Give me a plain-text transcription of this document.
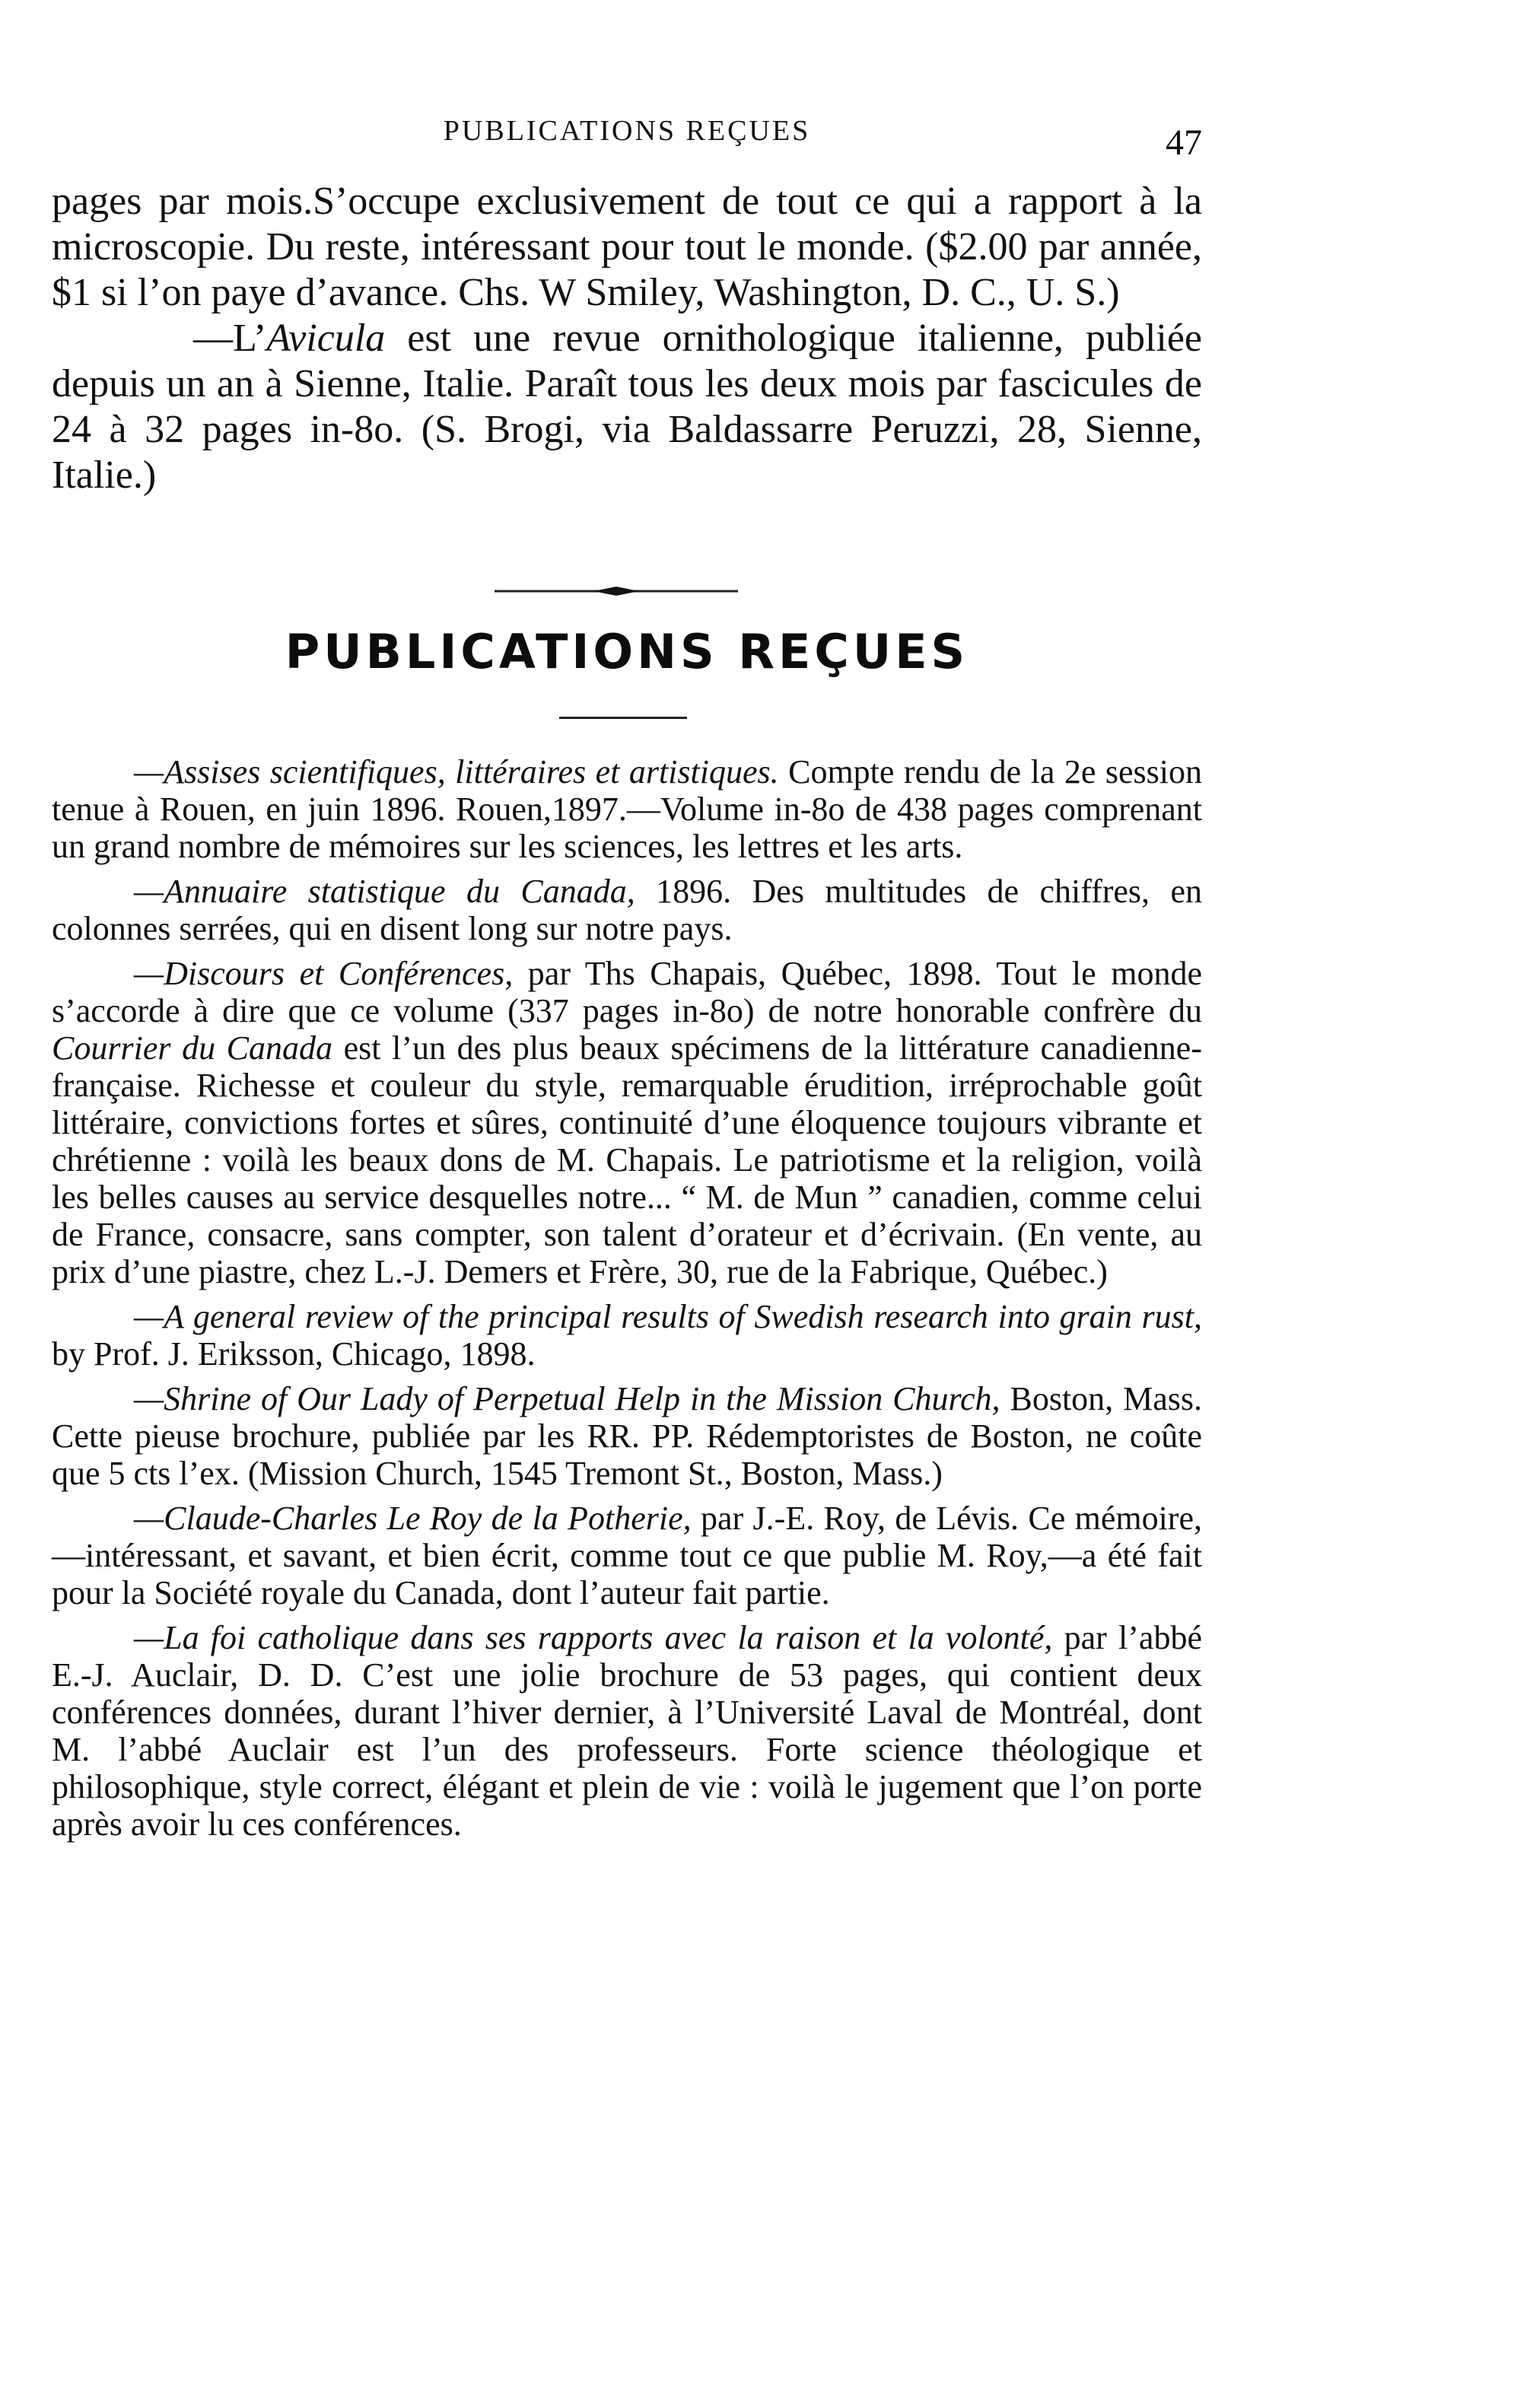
PUBLICATIONS REÇUES	47

pages par mois.S’occupe exclusivement de tout ce qui a rapport à la microscopie. Du reste, intéressant pour tout le monde. ($2.00 par année, $1 si l’on paye d’avance. Chs. W Smiley, Washington, D. C., U. S.)

—L’Avicula est une revue ornithologique italienne, publiée depuis un an à Sienne, Italie. Paraît tous les deux mois par fascicules de 24 à 32 pages in-8o. (S. Brogi, via Baldassarre Peruzzi, 28, Sienne, Italie.)

PUBLICATIONS REÇUES

—Assises scientifiques, littéraires et artistiques. Compte rendu de la 2e session tenue à Rouen, en juin 1896. Rouen,1897.—Volume in-8o de 438 pages comprenant un grand nombre de mémoires sur les sciences, les lettres et les arts.

—Annuaire statistique du Canada, 1896. Des multitudes de chiffres, en colonnes serrées, qui en disent long sur notre pays.

—Discours et Conférences, par Ths Chapais, Québec, 1898. Tout le monde s’accorde à dire que ce volume (337 pages in-8o) de notre honorable confrère du Courrier du Canada est l’un des plus beaux spécimens de la littérature canadienne-française. Richesse et couleur du style, remarquable érudition, irréprochable goût littéraire, convictions fortes et sûres, continuité d’une éloquence toujours vibrante et chrétienne : voilà les beaux dons de M. Chapais. Le patriotisme et la religion, voilà les belles causes au service desquelles notre... “ M. de Mun ” canadien, comme celui de France, consacre, sans compter, son talent d’orateur et d’écrivain. (En vente, au prix d’une piastre, chez L.-J. Demers et Frère, 30, rue de la Fabrique, Québec.)

—A general review of the principal results of Swedish research into grain rust, by Prof. J. Eriksson, Chicago, 1898.

—Shrine of Our Lady of Perpetual Help in the Mission Church, Boston, Mass. Cette pieuse brochure, publiée par les RR. PP. Rédemptoristes de Boston, ne coûte que 5 cts l’ex. (Mission Church, 1545 Tremont St., Boston, Mass.)

—Claude-Charles Le Roy de la Potherie, par J.-E. Roy, de Lévis. Ce mémoire,—intéressant, et savant, et bien écrit, comme tout ce que publie M. Roy,—a été fait pour la Société royale du Canada, dont l’auteur fait partie.

—La foi catholique dans ses rapports avec la raison et la volonté, par l’abbé E.-J. Auclair, D. D. C’est une jolie brochure de 53 pages, qui contient deux conférences données, durant l’hiver dernier, à l’Université Laval de Montréal, dont M. l’abbé Auclair est l’un des professeurs. Forte science théologique et philosophique, style correct, élégant et plein de vie : voilà le jugement que l’on porte après avoir lu ces conférences.
